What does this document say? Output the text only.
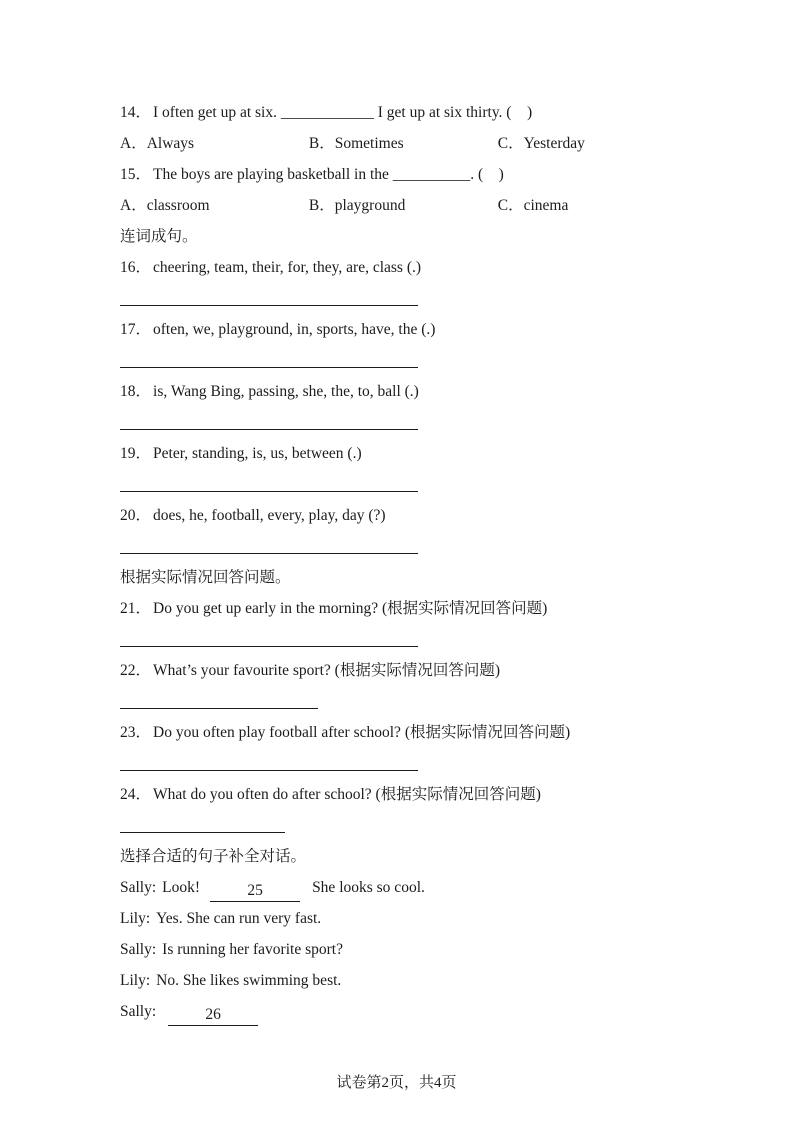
14． I often get up at six. ____________ I get up at six thirty. (　)
A．Always	B．Sometimes	C．Yesterday
15． The boys are playing basketball in the __________. (　)
A．classroom	B．playground	C．cinema
连词成句。
16． cheering, team, their, for, they, are, class (.)
17． often, we, playground, in, sports, have, the (.)
18． is, Wang Bing, passing, she, the, to, ball (.)
19． Peter, standing, is, us, between (.)
20． does, he, football, every, play, day (?)
根据实际情况回答问题。
21． Do you get up early in the morning? (根据实际情况回答问题)
22． What’s your favourite sport? (根据实际情况回答问题)
23． Do you often play football after school? (根据实际情况回答问题)
24． What do you often do after school? (根据实际情况回答问题)
选择合适的句子补全对话。
Sally: Look!	25	She looks so cool.
Lily: Yes. She can run very fast.
Sally: Is running her favorite sport?
Lily: No. She likes swimming best.
Sally:	26
试卷第2页，共4页
